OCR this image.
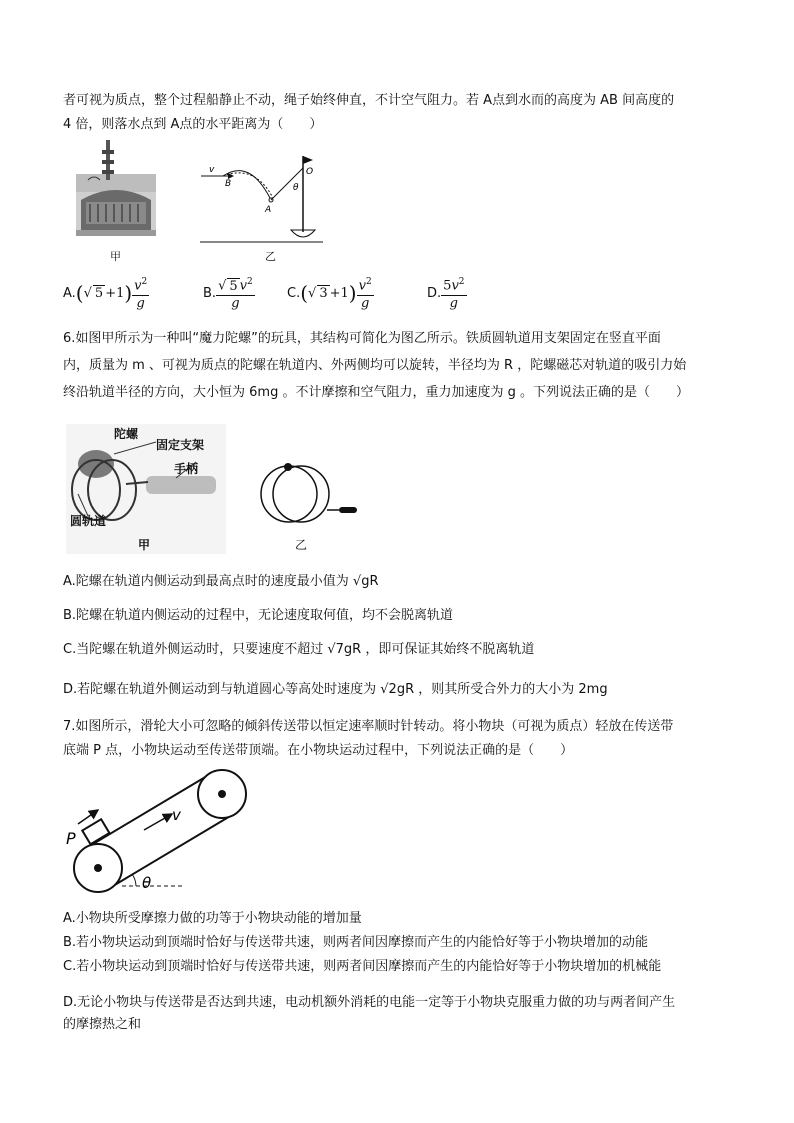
者可视为质点，整个过程船静止不动，绳子始终伸直，不计空气阻力。若 A点到水而的高度为 AB 间高度的
4 倍，则落水点到 A点的水平距离为（　　）
甲
v
B
A
O
θ
乙
A. ( √ 5 +1 ) $\frac{v^2}{g}$	B. $\frac{√ 5 v^2}{g} C$. ( √ 3 +1 ) $\frac{v^2}{g}$	D. $\frac{5v^2}{g}$
6.如图甲所示为一种叫“魔力陀螺”的玩具，其结构可简化为图乙所示。铁质圆轨道用支架固定在竖直平面
内，质量为 m 、可视为质点的陀螺在轨道内、外两侧均可以旋转，半径均为 R ，陀螺磁芯对轨道的吸引力始
终沿轨道半径的方向，大小恒为 6mg 。不计摩擦和空气阻力，重力加速度为 g 。下列说法正确的是（　　）
陀螺
固定支架
手柄
圆轨道
甲	乙
A.陀螺在轨道内侧运动到最高点时的速度最小值为 √gR
B.陀螺在轨道内侧运动的过程中，无论速度取何值，均不会脱离轨道
C.当陀螺在轨道外侧运动时，只要速度不超过 √7gR ，即可保证其始终不脱离轨道
D.若陀螺在轨道外侧运动到与轨道圆心等高处时速度为 √2gR ，则其所受合外力的大小为 2mg
7.如图所示，滑轮大小可忽略的倾斜传送带以恒定速率顺时针转动。将小物块（可视为质点）轻放在传送带
底端 P 点，小物块运动至传送带顶端。在小物块运动过程中，下列说法正确的是（　　）
P
v
θ
A.小物块所受摩擦力做的功等于小物块动能的增加量
B.若小物块运动到顶端时恰好与传送带共速，则两者间因摩擦而产生的内能恰好等于小物块增加的动能
C.若小物块运动到顶端时恰好与传送带共速，则两者间因摩擦而产生的内能恰好等于小物块增加的机械能
D.无论小物块与传送带是否达到共速，电动机额外消耗的电能一定等于小物块克服重力做的功与两者间产生
的摩擦热之和
